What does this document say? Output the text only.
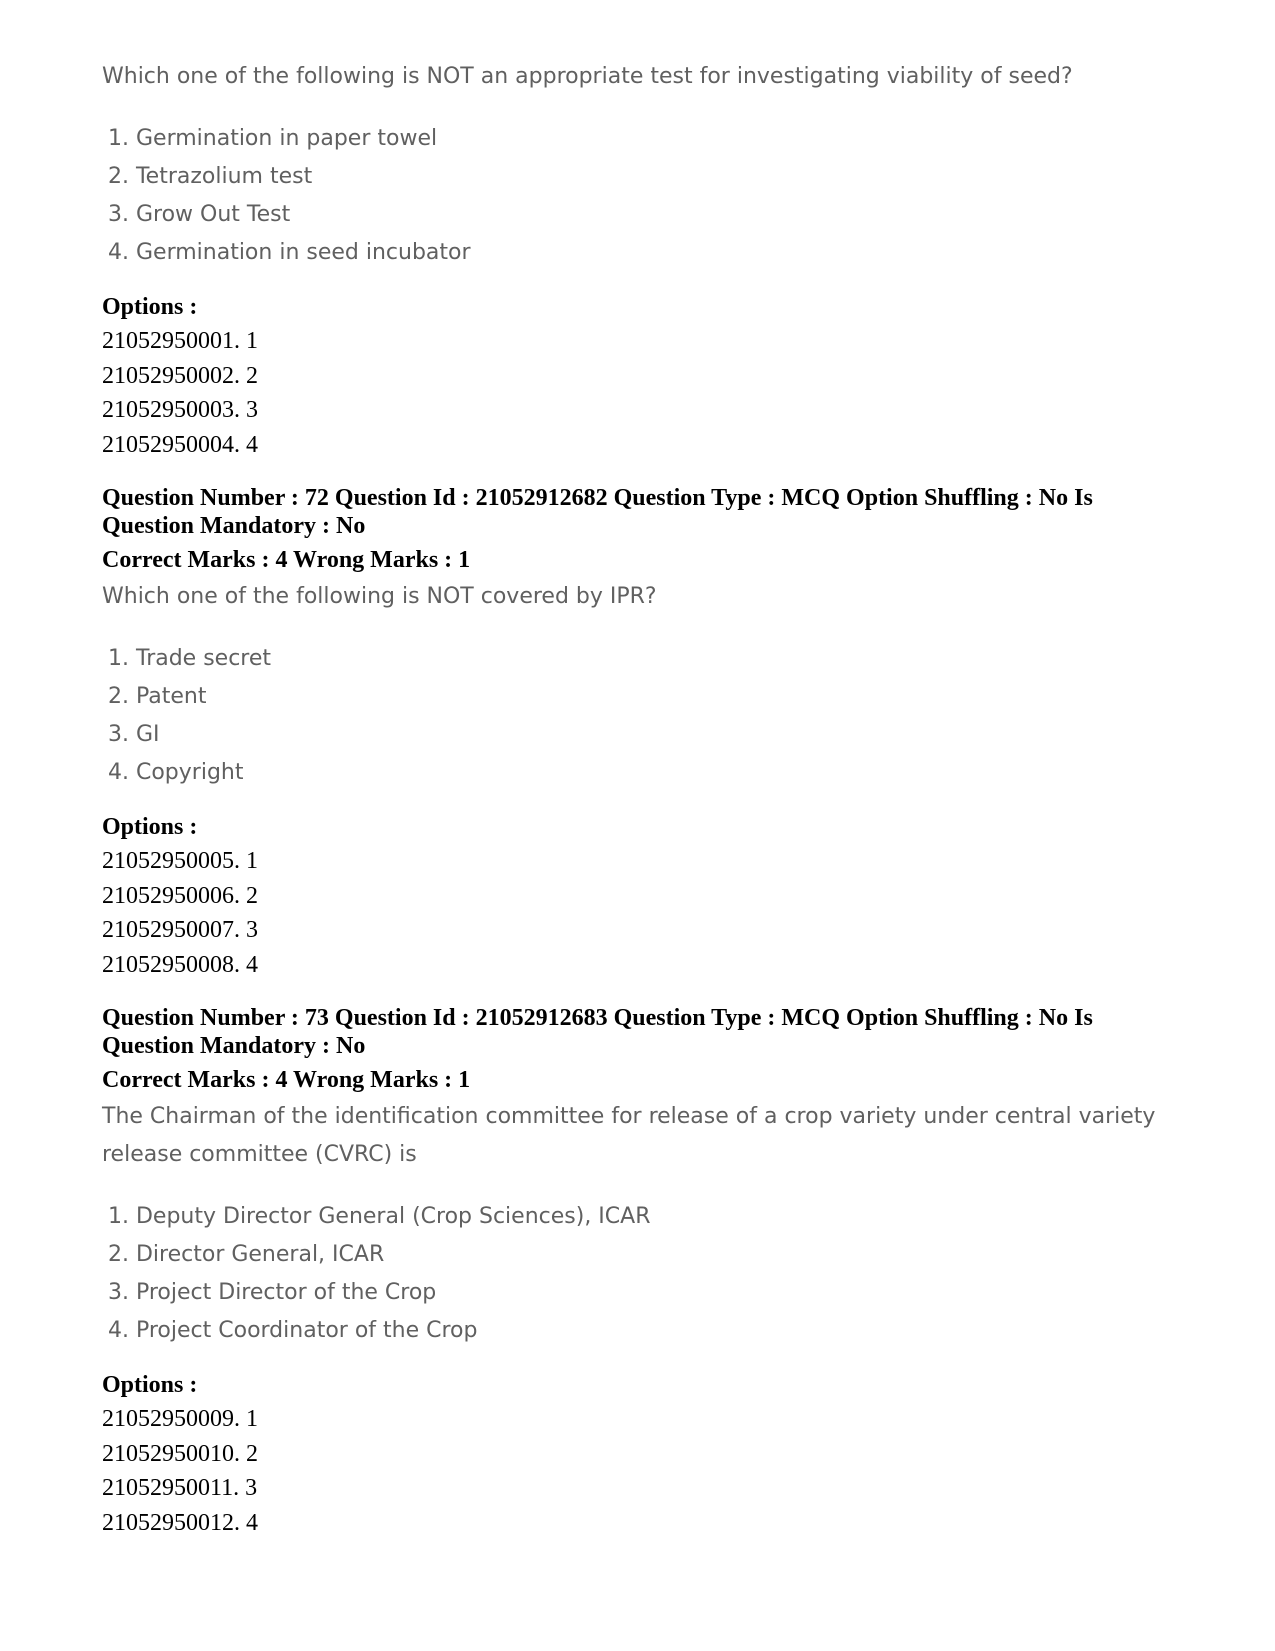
Which one of the following is NOT an appropriate test for investigating viability of seed?

1. Germination in paper towel
2. Tetrazolium test
3. Grow Out Test
4. Germination in seed incubator
Options :
21052950001. 1
21052950002. 2
21052950003. 3
21052950004. 4
Question Number : 72 Question Id : 21052912682 Question Type : MCQ Option Shuffling : No Is Question Mandatory : No
Correct Marks : 4 Wrong Marks : 1

Which one of the following is NOT covered by IPR?

1. Trade secret
2. Patent
3. GI
4. Copyright
Options :
21052950005. 1
21052950006. 2
21052950007. 3
21052950008. 4
Question Number : 73 Question Id : 21052912683 Question Type : MCQ Option Shuffling : No Is Question Mandatory : No
Correct Marks : 4 Wrong Marks : 1

The Chairman of the identification committee for release of a crop variety under central variety release committee (CVRC) is

1. Deputy Director General (Crop Sciences), ICAR
2. Director General, ICAR
3. Project Director of the Crop
4. Project Coordinator of the Crop
Options :
21052950009. 1
21052950010. 2
21052950011. 3
21052950012. 4
